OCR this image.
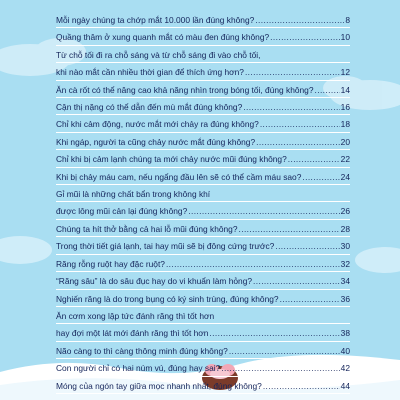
Mỗi ngày chúng ta chớp mắt 10.000 lần đúng không? .....	8
Quầng thâm ở xung quanh mắt có màu đen đúng không? .....	10
Từ chỗ tối đi ra chỗ sáng và từ chỗ sáng đi vào chỗ tối,
khi nào mắt cần nhiều thời gian để thích ứng hơn? .....	12
Ăn cà rốt có thể nâng cao khả năng nhìn trong bóng tối, đúng không? .....	14
Cận thị nặng có thể dẫn đến mù mắt đúng không? .....	16
Chỉ khi cảm động, nước mắt mới chảy ra đúng không? .....	18
Khi ngáp, người ta cũng chảy nước mắt đúng không? .....	20
Chỉ khi bị cảm lạnh chúng ta mới chảy nước mũi đúng không? .....	22
Khi bị chảy máu cam, nếu ngẩng đầu lên sẽ có thể cầm máu sao? .....	24
Gỉ mũi là những chất bẩn trong không khí
được lông mũi cản lại đúng không? .....	26
Chúng ta hít thở bằng cả hai lỗ mũi đúng không? .....	28
Trong thời tiết giá lạnh, tai hay mũi sẽ bị đông cứng trước? .....	30
Răng rỗng ruột hay đặc ruột? .....	32
“Răng sâu” là do sâu đục hay do vi khuẩn làm hỏng? .....	34
Nghiến răng là do trong bụng có ký sinh trùng, đúng không? .....	36
Ăn cơm xong lập tức đánh răng thì tốt hơn
hay đợi một lát mới đánh răng thì tốt hơn .....	38
Não càng to thì càng thông minh đúng không? .....	40
Con người chỉ có hai núm vú, đúng hay sai? .....	42
Móng của ngón tay giữa mọc nhanh nhất, đúng không? .....	44
